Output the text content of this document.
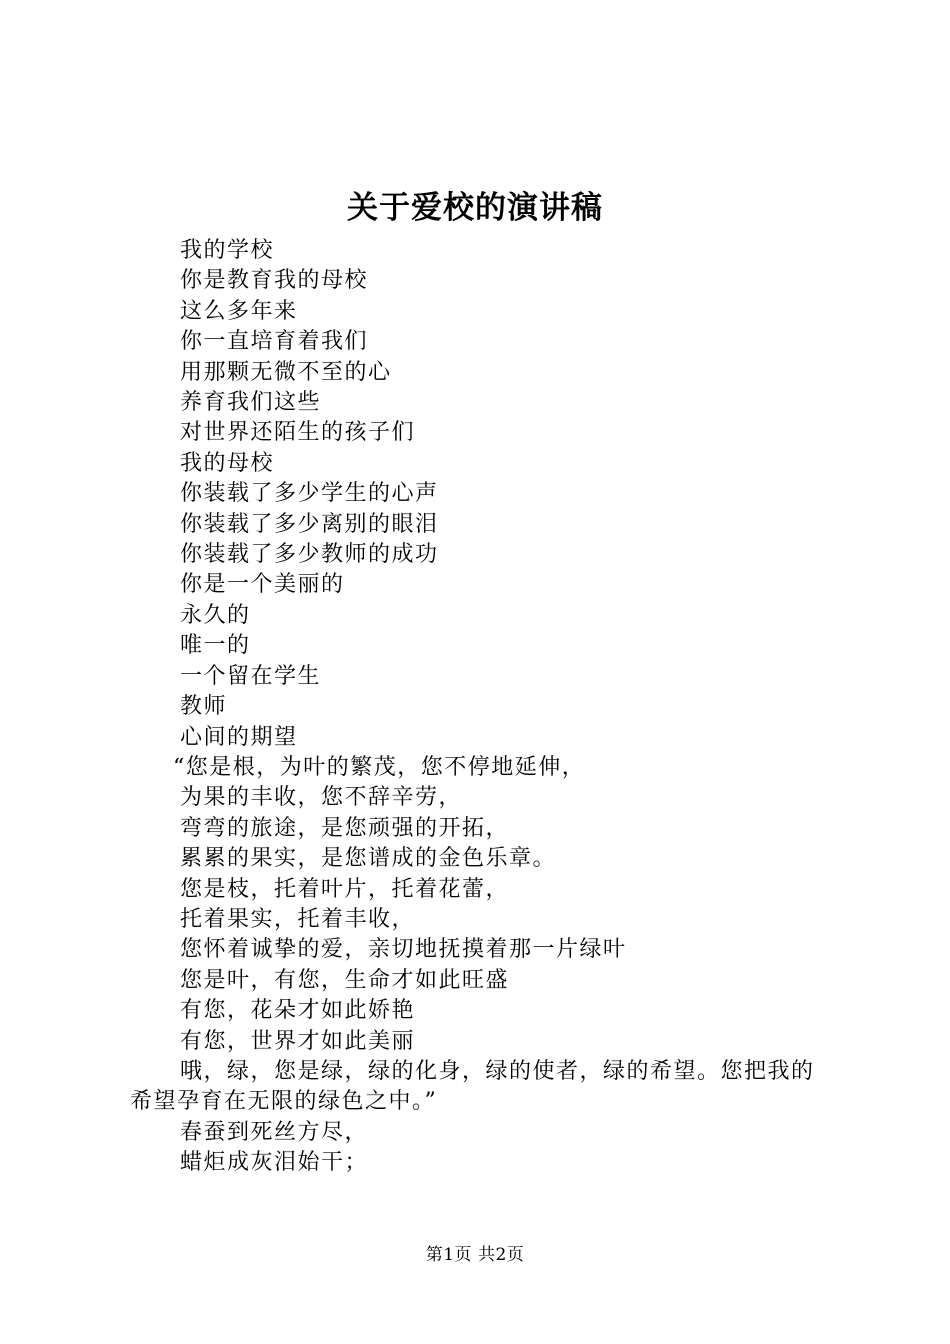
关于爱校的演讲稿

我的学校

你是教育我的母校

这么多年来

你一直培育着我们

用那颗无微不至的心

养育我们这些

对世界还陌生的孩子们

我的母校

你装载了多少学生的心声

你装载了多少离别的眼泪

你装载了多少教师的成功

你是一个美丽的

永久的

唯一的

一个留在学生

教师

心间的期望

“您是根，为叶的繁茂，您不停地延伸，

为果的丰收，您不辞辛劳，

弯弯的旅途，是您顽强的开拓，

累累的果实，是您谱成的金色乐章。

您是枝，托着叶片，托着花蕾，

托着果实，托着丰收，

您怀着诚挚的爱，亲切地抚摸着那一片绿叶

您是叶，有您，生命才如此旺盛

有您，花朵才如此娇艳

有您，世界才如此美丽

哦，绿，您是绿，绿的化身，绿的使者，绿的希望。您把我的希望孕育在无限的绿色之中。”

春蚕到死丝方尽，

蜡炬成灰泪始干；

第1页 共2页
